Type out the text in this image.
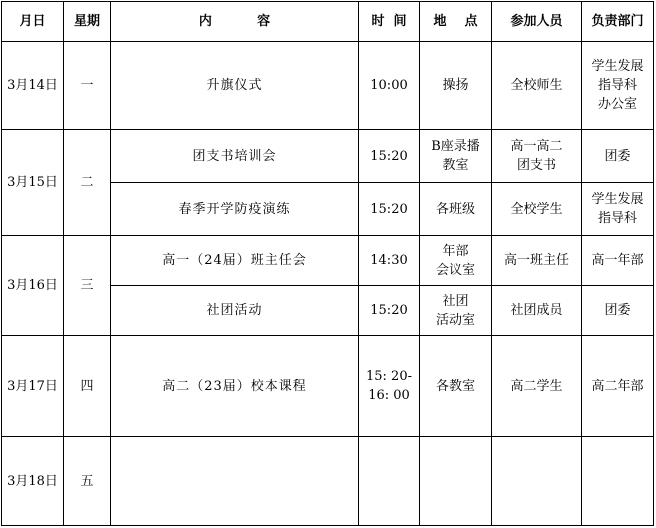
月日	星期	内          容	时  间	地    点	参加人员	负责部门
3月14日	一	升旗仪式	10:00	操扬	全校师生	学生发展
指导科
办公室
3月15日	二	团支书培训会	15:20	B座录播
教室	高一高二
团支书	团委
		春季开学防疫演练	15:20	各班级	全校学生	学生发展
指导科
3月16日	三	高一（24届）班主任会	14:30	年部
会议室	高一班主任	高一年部
		社团活动	15:20	社团
活动室	社团成员	团委
3月17日	四	高二（23届）校本课程	15: 20-
16: 00	各教室	高二学生	高二年部
3月18日	五					
